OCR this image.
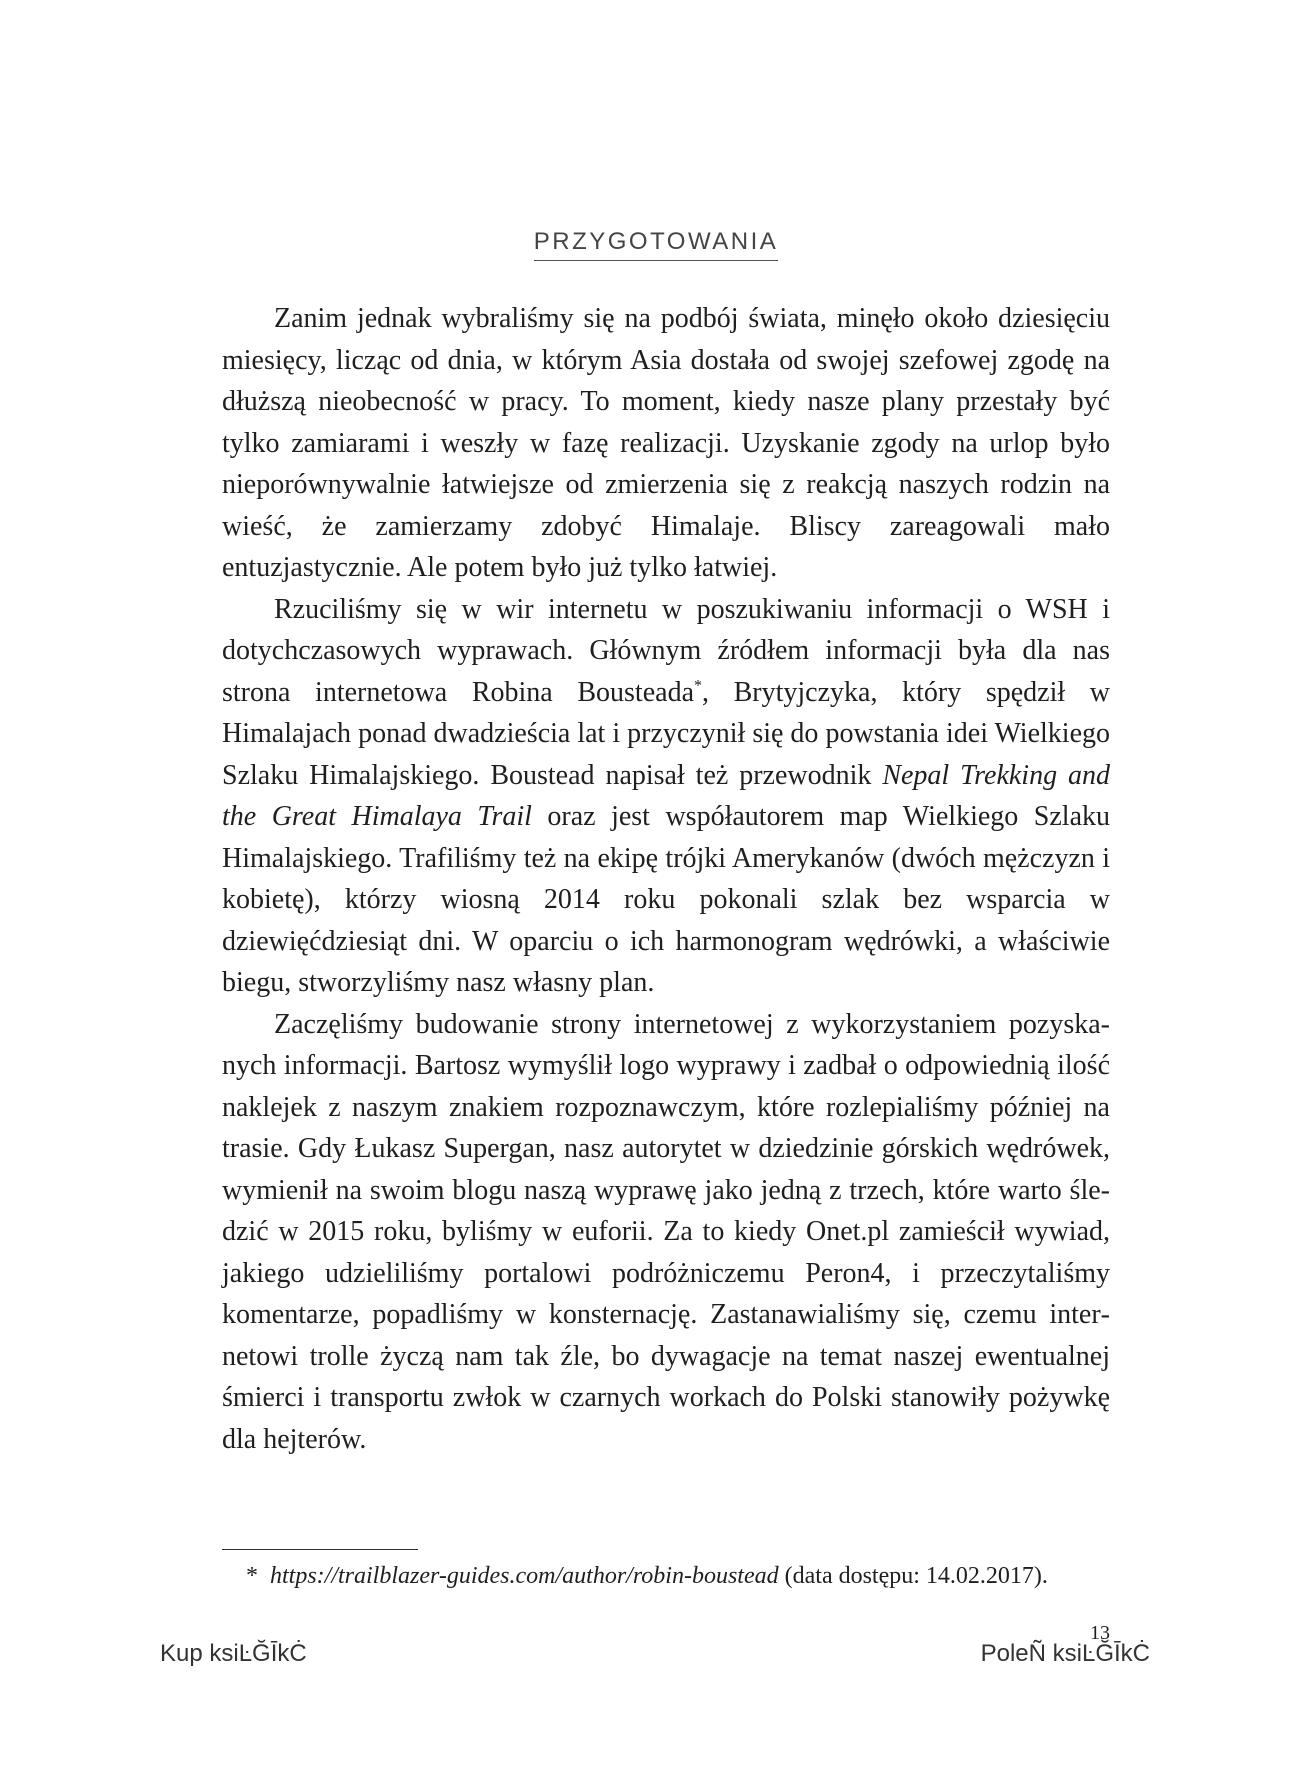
PRZYGOTOWANIA

Zanim jednak wybraliśmy się na podbój świata, minęło około dziesięciu miesięcy, licząc od dnia, w którym Asia dostała od swojej szefowej zgodę na dłuższą nieobecność w pracy. To moment, kiedy nasze plany przestały być tylko zamiarami i weszły w fazę realizacji. Uzyskanie zgody na urlop było nieporównywalnie łatwiejsze od zmierzenia się z reakcją naszych rodzin na wieść, że zamierzamy zdobyć Himalaje. Bliscy zareagowali mało entuzjastycznie. Ale potem było już tylko łatwiej.

Rzuciliśmy się w wir internetu w poszukiwaniu informacji o WSH i dotychczasowych wyprawach. Głównym źródłem informacji była dla nas strona internetowa Robina Bousteada*, Brytyjczyka, który spędził w Himalajach ponad dwadzieścia lat i przyczynił się do powstania idei Wielkiego Szlaku Himalajskiego. Boustead napisał też przewodnik Nepal Trekking and the Great Himalaya Trail oraz jest współautorem map Wielkiego Szlaku Himalajskiego. Trafiliśmy też na ekipę trójki Amerykanów (dwóch mężczyzn i kobietę), którzy wiosną 2014 roku pokonali szlak bez wsparcia w dziewięćdziesiąt dni. W oparciu o ich harmonogram wędrówki, a właściwie biegu, stworzyliśmy nasz własny plan.

Zaczęliśmy budowanie strony internetowej z wykorzystaniem pozyskanych informacji. Bartosz wymyślił logo wyprawy i zadbał o odpowiednią ilość naklejek z naszym znakiem rozpoznawczym, które rozlepialiśmy później na trasie. Gdy Łukasz Supergan, nasz autorytet w dziedzinie górskich wędrówek, wymienił na swoim blogu naszą wyprawę jako jedną z trzech, które warto śledzić w 2015 roku, byliśmy w euforii. Za to kiedy Onet.pl zamieścił wywiad, jakiego udzieliliśmy portalowi podróżniczemu Peron4, i przeczytaliśmy komentarze, popadliśmy w konsternację. Zastanawialiśmy się, czemu internetowi trolle życzą nam tak źle, bo dywagacje na temat naszej ewentualnej śmierci i transportu zwłok w czarnych workach do Polski stanowiły pożywkę dla hejterów.

* https://trailblazer-guides.com/author/robin-boustead (data dostępu: 14.02.2017).
13
Kup ksiĿĞĪkĊ	PoleÑ ksiĿĞĪkĊ
